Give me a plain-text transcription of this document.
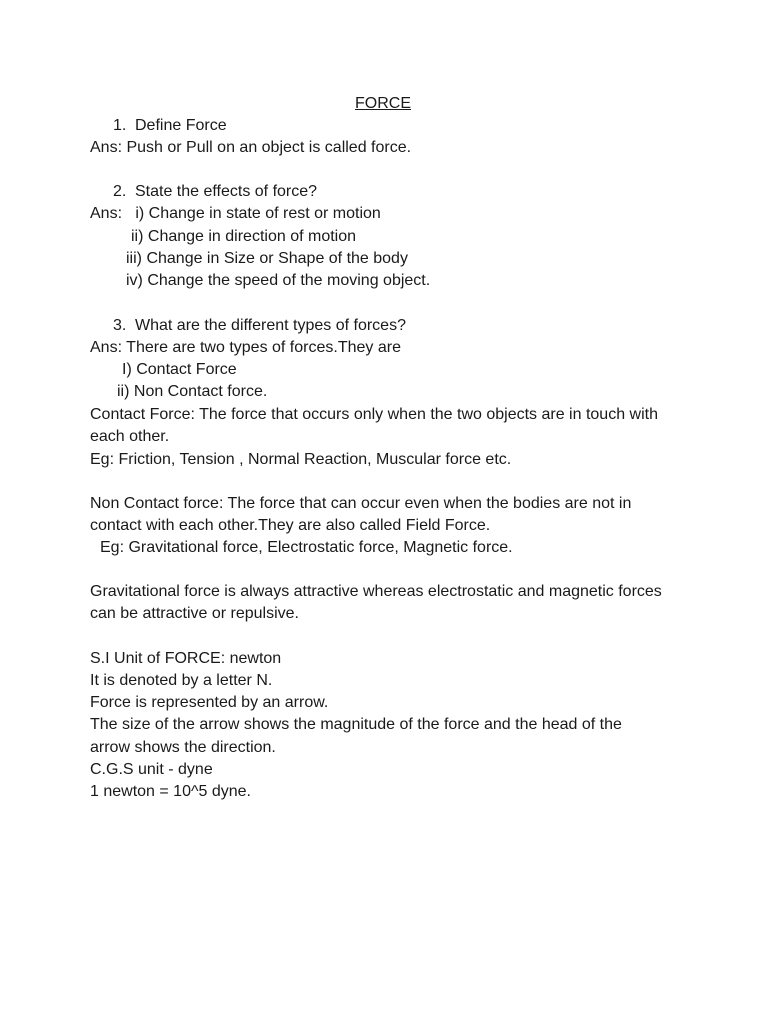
FORCE
1. Define Force
Ans: Push or Pull on an object is called force.
2. State the effects of force?
Ans:   i) Change in state of rest or motion
ii) Change in direction of motion
iii) Change in Size or Shape of the body
iv) Change the speed of the moving object.
3. What are the different types of forces?
Ans: There are two types of forces.They are
I) Contact Force
ii) Non Contact force.
Contact Force: The force that occurs only when the two objects are in touch with
each other.
Eg: Friction, Tension , Normal Reaction, Muscular force etc.
Non Contact force: The force that can occur even when the bodies are not in
contact with each other.They are also called Field Force.
Eg: Gravitational force, Electrostatic force, Magnetic force.
Gravitational force is always attractive whereas electrostatic and magnetic forces
can be attractive or repulsive.
S.I Unit of FORCE: newton
It is denoted by a letter N.
Force is represented by an arrow.
The size of the arrow shows the magnitude of the force and the head of the
arrow shows the direction.
C.G.S unit - dyne
1 newton = 10^5 dyne.
